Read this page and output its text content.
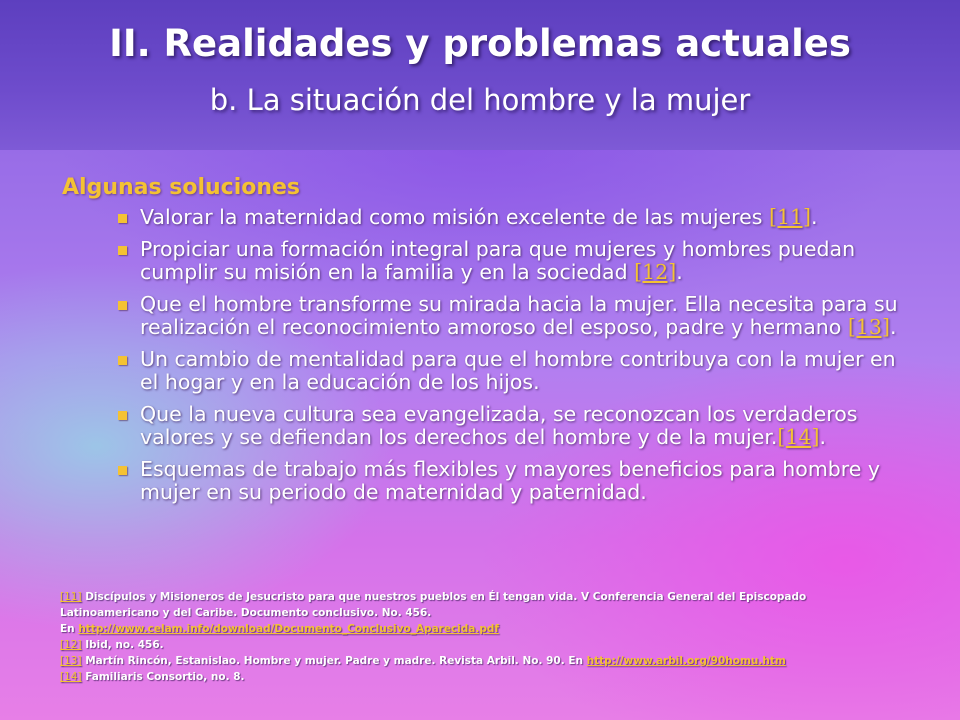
II. Realidades y problemas actuales
b. La situación del hombre y la mujer
Algunas soluciones
Valorar la maternidad como misión excelente de las mujeres [11].
Propiciar una formación integral para que mujeres y hombres puedan cumplir su misión en la familia y en la sociedad [12].
Que el hombre transforme su mirada hacia la mujer. Ella necesita para su realización el reconocimiento amoroso del esposo, padre y hermano [13].
Un cambio de mentalidad para que el hombre contribuya con la mujer en el hogar y en la educación de los hijos.
Que la nueva cultura sea evangelizada, se reconozcan los verdaderos valores y se defiendan los derechos del hombre y de la mujer.[14].
Esquemas de trabajo más flexibles y mayores beneficios para hombre y mujer en su periodo de maternidad y paternidad.
[11] Discípulos y Misioneros de Jesucristo para que nuestros pueblos en Él tengan vida. V Conferencia General del Episcopado
Latinoamericano y del Caribe. Documento conclusivo. No. 456.
En http://www.celam.info/download/Documento_Conclusivo_Aparecida.pdf
[12] Ibid, no. 456.
[13] Martín Rincón, Estanislao. Hombre y mujer. Padre y madre. Revista Arbil. No. 90. En http://www.arbil.org/90homu.htm
[14] Familiaris Consortio, no. 8.
